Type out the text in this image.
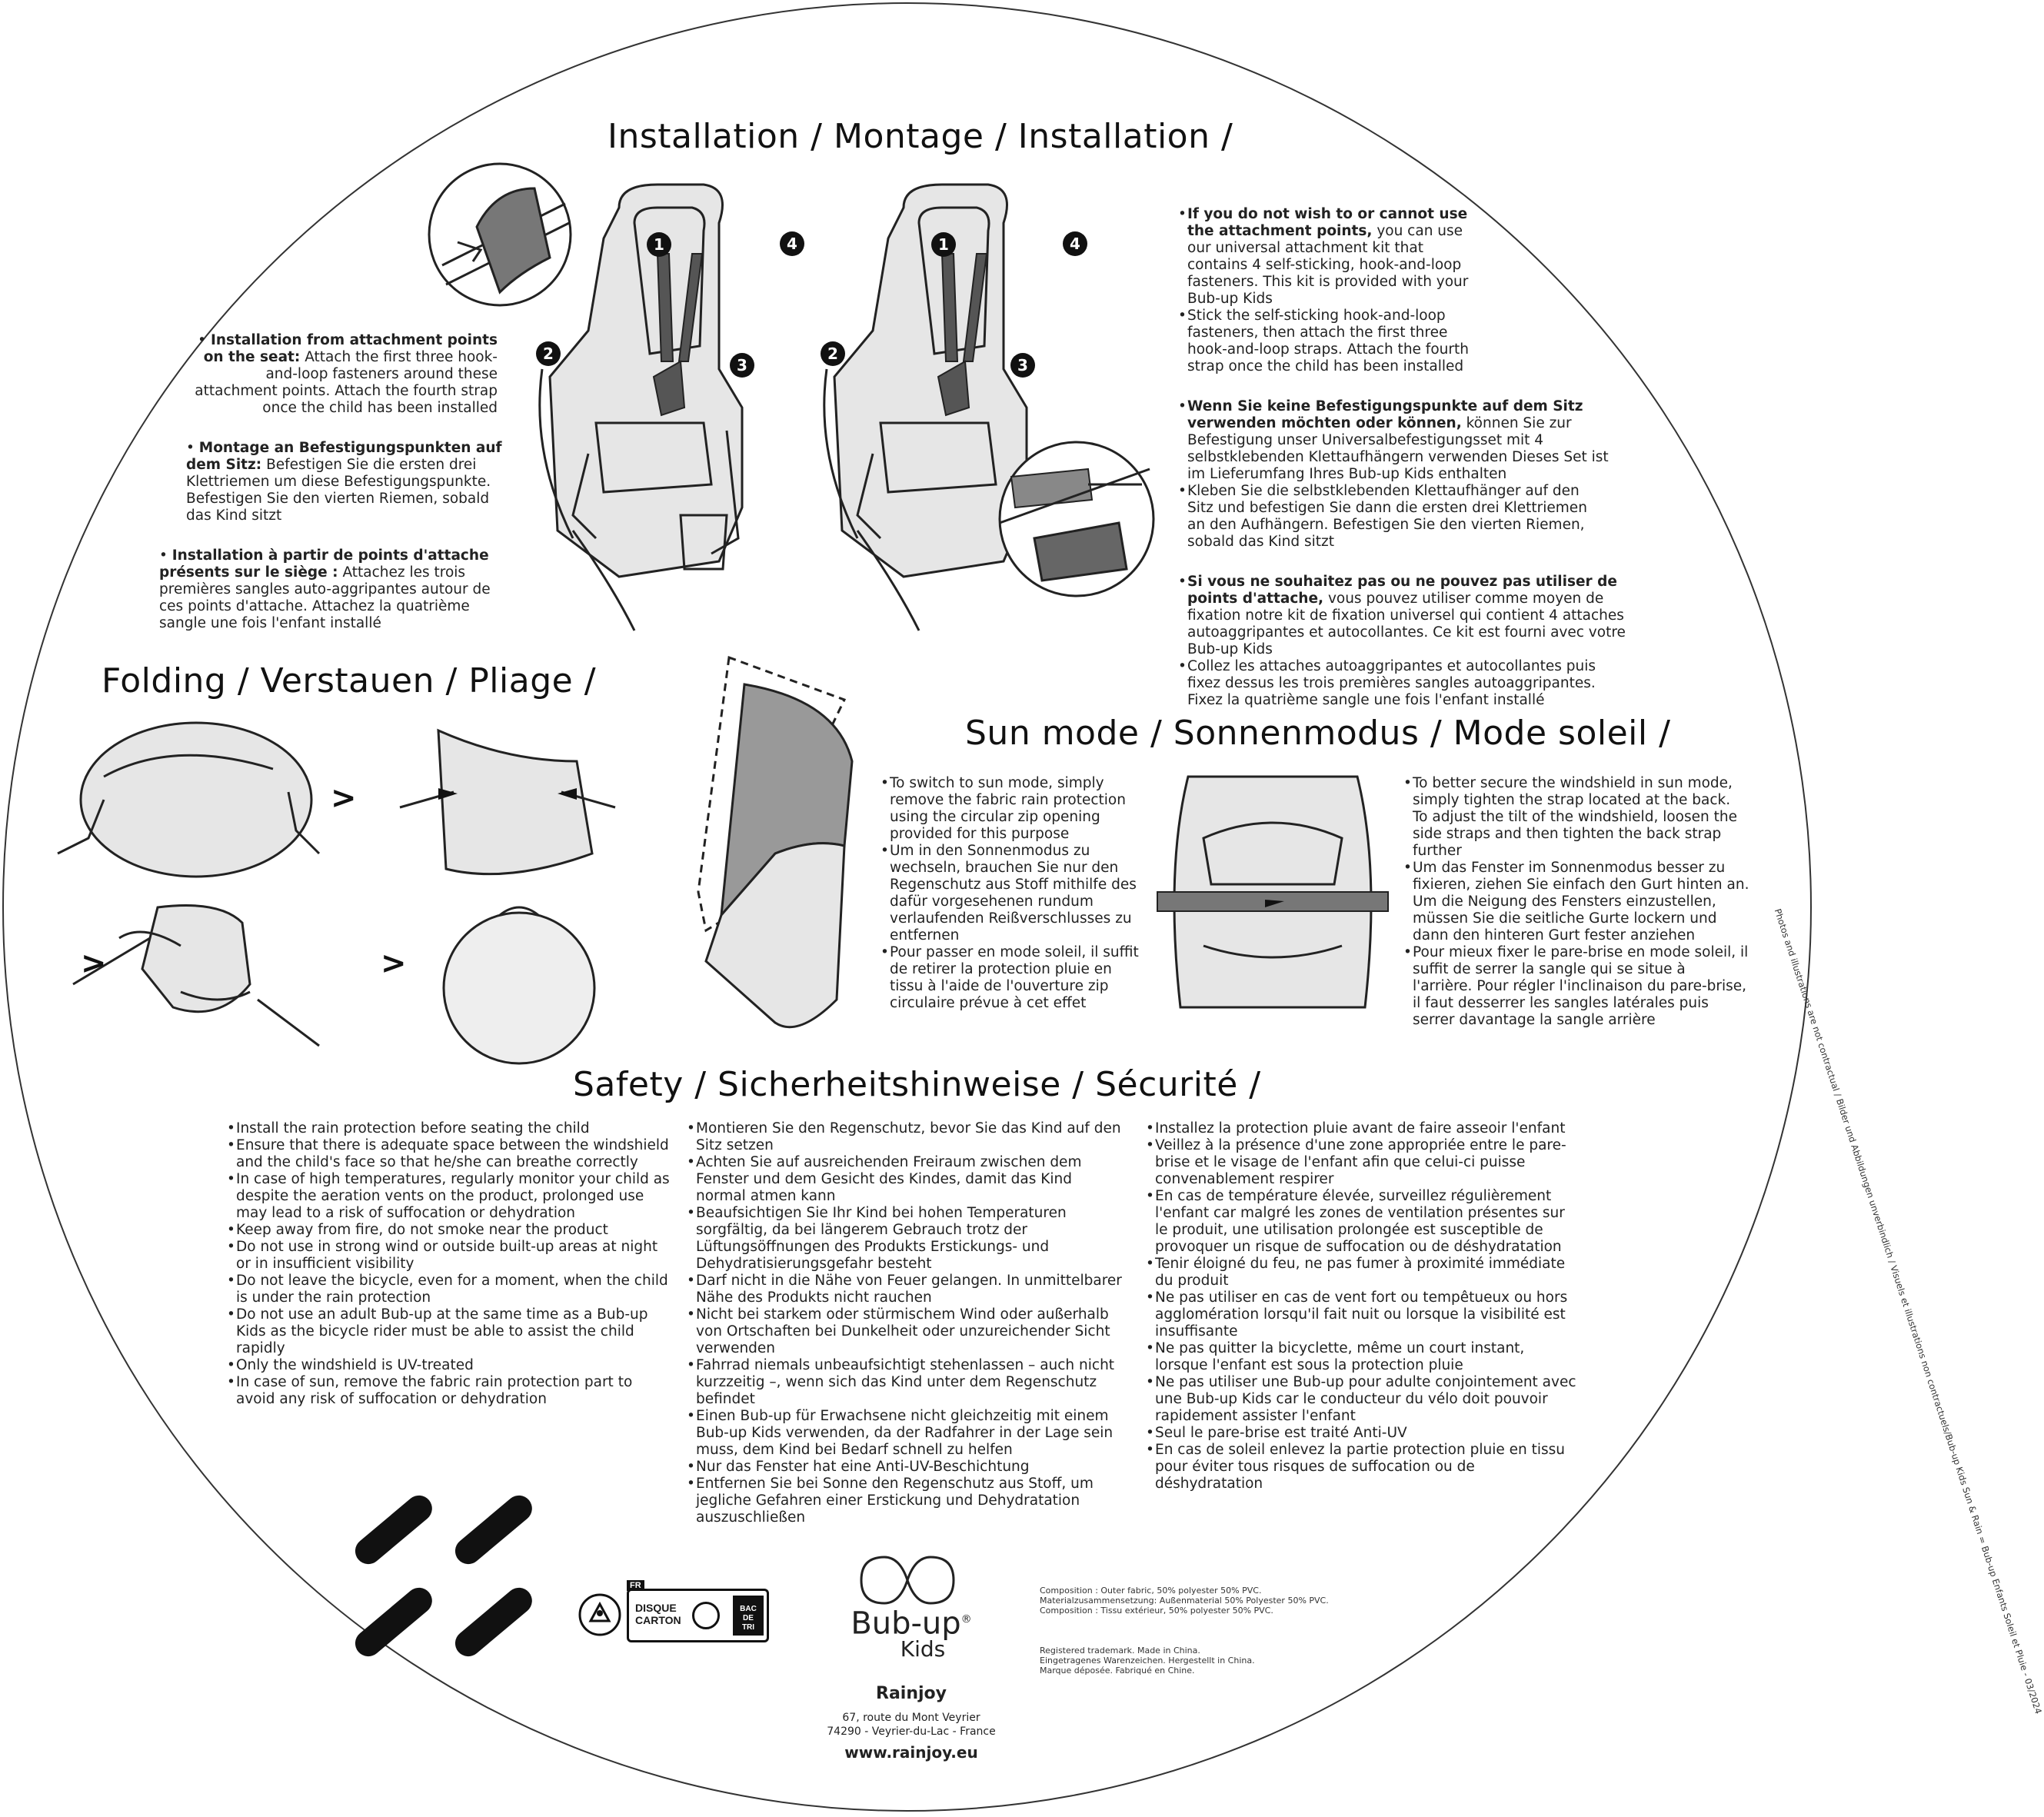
Installation / Montage / Installation /
1
2
3
4	1
2
3
4
• Installation from attachment points on the seat: Attach the first three hook-and-loop fasteners around these attachment points. Attach the fourth strap once the child has been installed
• Montage an Befestigungspunkten auf dem Sitz: Befestigen Sie die ersten drei Klettriemen um diese Befestigungspunkte. Befestigen Sie den vierten Riemen, sobald das Kind sitzt
• Installation à partir de points d'attache présents sur le siège : Attachez les trois premières sangles auto-aggripantes autour de ces points d'attache. Attachez la quatrième sangle une fois l'enfant installé
• If you do not wish to or cannot use the attachment points, you can use our universal attachment kit that contains 4 self-sticking, hook-and-loop fasteners. This kit is provided with your Bub-up Kids
• Stick the self-sticking hook-and-loop fasteners, then attach the first three hook-and-loop straps. Attach the fourth strap once the child has been installed
• Wenn Sie keine Befestigungspunkte auf dem Sitz verwenden möchten oder können, können Sie zur Befestigung unser Universalbefestigungsset mit 4 selbstklebenden Klettaufhängern verwenden Dieses Set ist im Lieferumfang Ihres Bub-up Kids enthalten
• Kleben Sie die selbstklebenden Klettaufhänger auf den Sitz und befestigen Sie dann die ersten drei Klettriemen an den Aufhängern. Befestigen Sie den vierten Riemen, sobald das Kind sitzt
• Si vous ne souhaitez pas ou ne pouvez pas utiliser de points d'attache, vous pouvez utiliser comme moyen de fixation notre kit de fixation universel qui contient 4 attaches autoaggripantes et autocollantes. Ce kit est fourni avec votre Bub-up Kids
• Collez les attaches autoaggripantes et autocollantes puis fixez dessus les trois premières sangles autoaggripantes. Fixez la quatrième sangle une fois l'enfant installé
Folding / Verstauen / Pliage /
>
>	>
Sun mode / Sonnenmodus / Mode soleil /
• To switch to sun mode, simply remove the fabric rain protection using the circular zip opening provided for this purpose
• Um in den Sonnenmodus zu wechseln, brauchen Sie nur den Regenschutz aus Stoff mithilfe des dafür vorgesehenen rundum verlaufenden Reißverschlusses zu entfernen
• Pour passer en mode soleil, il suffit de retirer la protection pluie en tissu à l'aide de l'ouverture zip circulaire prévue à cet effet
• To better secure the windshield in sun mode, simply tighten the strap located at the back. To adjust the tilt of the windshield, loosen the side straps and then tighten the back strap further
• Um das Fenster im Sonnenmodus besser zu fixieren, ziehen Sie einfach den Gurt hinten an. Um die Neigung des Fensters einzustellen, müssen Sie die seitliche Gurte lockern und dann den hinteren Gurt fester anziehen
• Pour mieux fixer le pare-brise en mode soleil, il suffit de serrer la sangle qui se situe à l'arrière. Pour régler l'inclinaison du pare-brise, il faut desserrer les sangles latérales puis serrer davantage la sangle arrière
Safety / Sicherheitshinweise / Sécurité /
• Install the rain protection before seating the child
• Ensure that there is adequate space between the windshield and the child's face so that he/she can breathe correctly
• In case of high temperatures, regularly monitor your child as despite the aeration vents on the product, prolonged use may lead to a risk of suffocation or dehydration
• Keep away from fire, do not smoke near the product
• Do not use in strong wind or outside built-up areas at night or in insufficient visibility
• Do not leave the bicycle, even for a moment, when the child is under the rain protection
• Do not use an adult Bub-up at the same time as a Bub-up Kids as the bicycle rider must be able to assist the child rapidly
• Only the windshield is UV-treated
• In case of sun, remove the fabric rain protection part to avoid any risk of suffocation or dehydration
• Montieren Sie den Regenschutz, bevor Sie das Kind auf den Sitz setzen
• Achten Sie auf ausreichenden Freiraum zwischen dem Fenster und dem Gesicht des Kindes, damit das Kind normal atmen kann
• Beaufsichtigen Sie Ihr Kind bei hohen Temperaturen sorgfältig, da bei längerem Gebrauch trotz der Lüftungsöffnungen des Produkts Erstickungs- und Dehydratisierungsgefahr besteht
• Darf nicht in die Nähe von Feuer gelangen. In unmittelbarer Nähe des Produkts nicht rauchen
• Nicht bei starkem oder stürmischem Wind oder außerhalb von Ortschaften bei Dunkelheit oder unzureichender Sicht verwenden
• Fahrrad niemals unbeaufsichtigt stehenlassen – auch nicht kurzzeitig –, wenn sich das Kind unter dem Regenschutz befindet
• Einen Bub-up für Erwachsene nicht gleichzeitig mit einem Bub-up Kids verwenden, da der Radfahrer in der Lage sein muss, dem Kind bei Bedarf schnell zu helfen
• Nur das Fenster hat eine Anti-UV-Beschichtung
• Entfernen Sie bei Sonne den Regenschutz aus Stoff, um jegliche Gefahren einer Erstickung und Dehydratation auszuschließen
• Installez la protection pluie avant de faire asseoir l'enfant
• Veillez à la présence d'une zone appropriée entre le pare-brise et le visage de l'enfant afin que celui-ci puisse convenablement respirer
• En cas de température élevée, surveillez régulièrement l'enfant car malgré les zones de ventilation présentes sur le produit, une utilisation prolongée est susceptible de provoquer un risque de suffocation ou de déshydratation
• Tenir éloigné du feu, ne pas fumer à proximité immédiate du produit
• Ne pas utiliser en cas de vent fort ou tempêtueux ou hors agglomération lorsqu'il fait nuit ou lorsque la visibilité est insuffisante
• Ne pas quitter la bicyclette, même un court instant, lorsque l'enfant est sous la protection pluie
• Ne pas utiliser une Bub-up pour adulte conjointement avec une Bub-up Kids car le conducteur du vélo doit pouvoir rapidement assister l'enfant
• Seul le pare-brise est traité Anti-UV
• En cas de soleil enlevez la partie protection pluie en tissu pour éviter tous risques de suffocation ou de déshydratation
FR
DISQUE
CARTON
BAC
DE
TRI	Bub-up®
Kids
Rainjoy
67, route du Mont Veyrier
74290 - Veyrier-du-Lac - France
www.rainjoy.eu
Composition : Outer fabric, 50% polyester 50% PVC.
Materialzusammensetzung: Außenmaterial 50% Polyester 50% PVC.
Composition : Tissu extérieur, 50% polyester 50% PVC.
Registered trademark. Made in China.
Eingetragenes Warenzeichen. Hergestellt in China.
Marque déposée. Fabriqué en Chine.	Photos and illustrations are not contractual / Bilder und Abbildungen unverbindlich / Visuels et illustrations non contractuels/Bub-up Kids Sun & Rain = Bub-up Enfants Soleil et Pluie - 03/2024
